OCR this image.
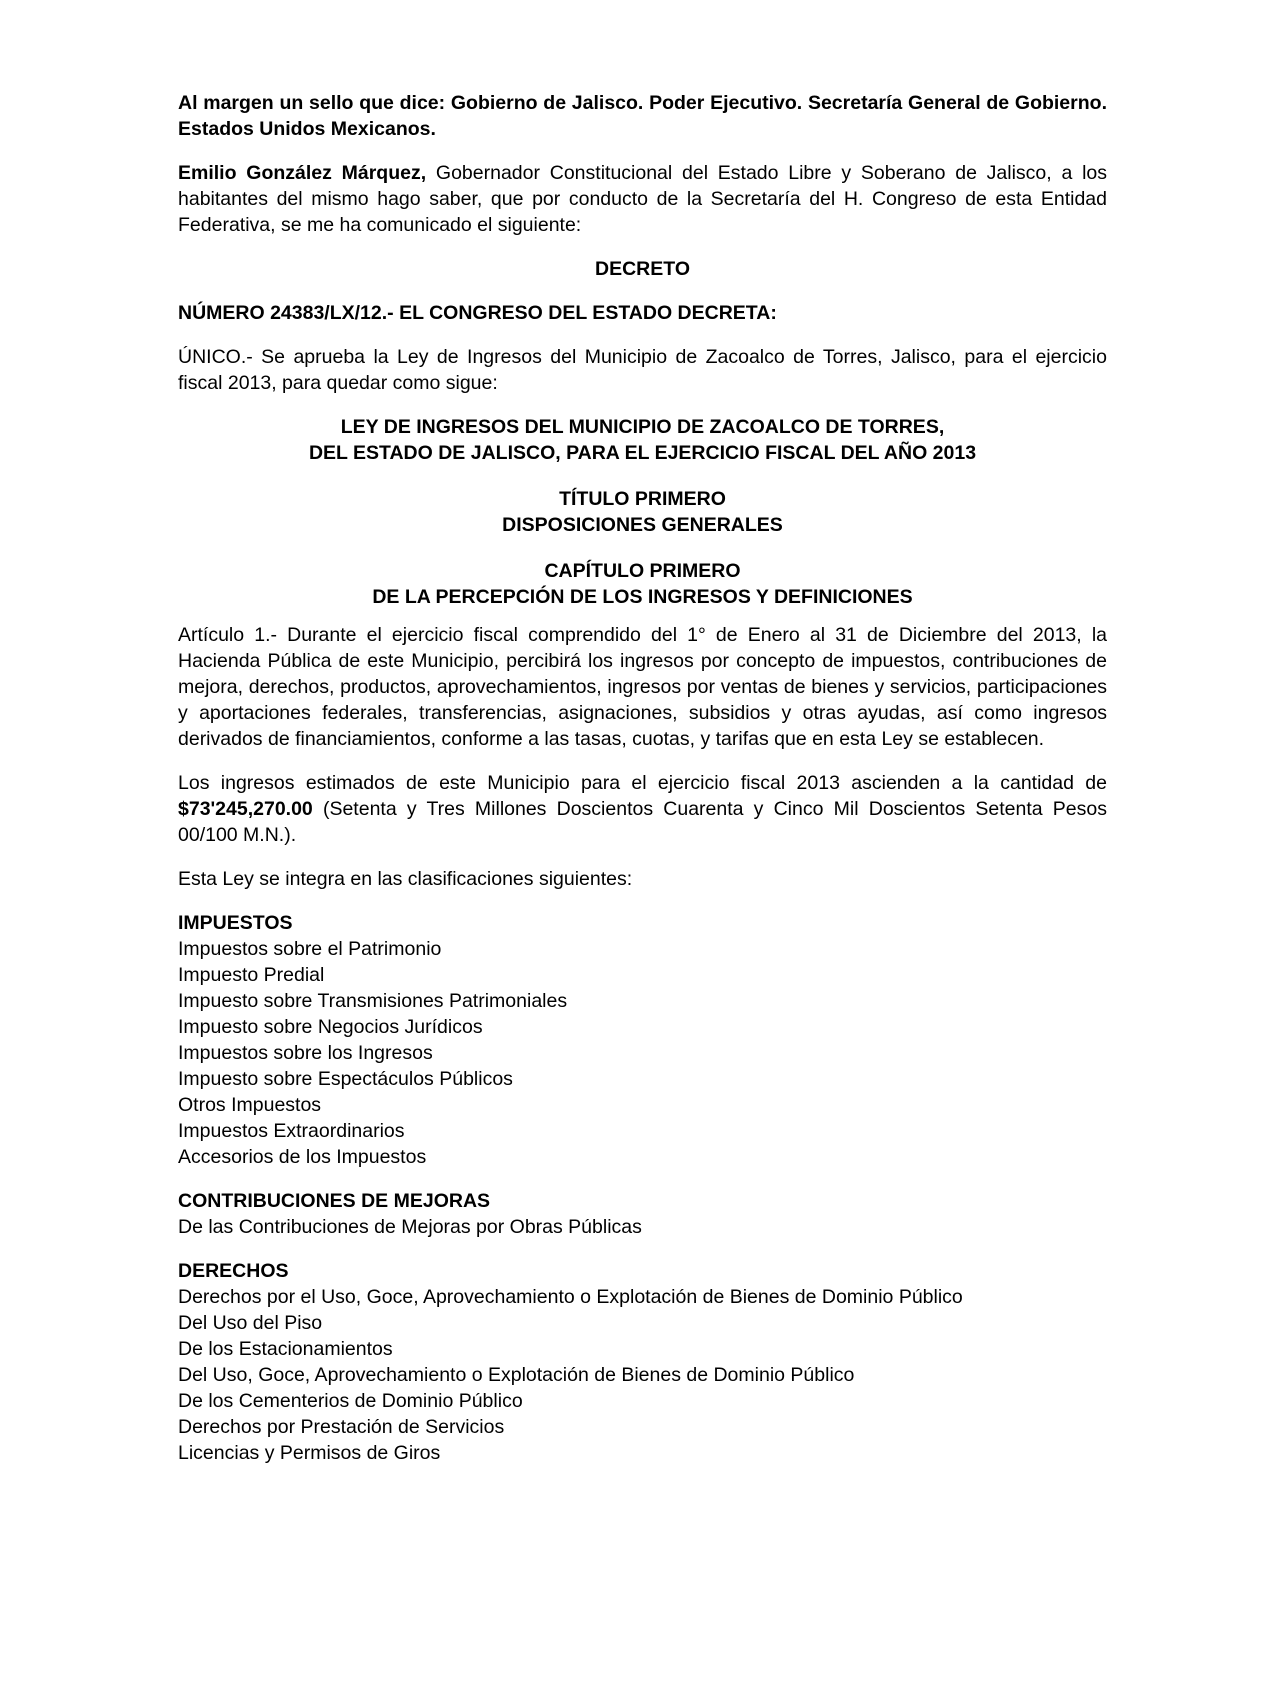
Al margen un sello que dice: Gobierno de Jalisco. Poder Ejecutivo. Secretaría General de Gobierno. Estados Unidos Mexicanos.

Emilio González Márquez, Gobernador Constitucional del Estado Libre y Soberano de Jalisco, a los habitantes del mismo hago saber, que por conducto de la Secretaría del H. Congreso de esta Entidad Federativa, se me ha comunicado el siguiente:

DECRETO

NÚMERO 24383/LX/12.- EL CONGRESO DEL ESTADO DECRETA:

ÚNICO.- Se aprueba la Ley de Ingresos del Municipio de Zacoalco de Torres, Jalisco, para el ejercicio fiscal 2013, para quedar como sigue:

LEY DE INGRESOS DEL MUNICIPIO DE ZACOALCO DE TORRES,
DEL ESTADO DE JALISCO, PARA EL EJERCICIO FISCAL DEL AÑO 2013
TÍTULO PRIMERO
DISPOSICIONES GENERALES
CAPÍTULO PRIMERO
DE LA PERCEPCIÓN DE LOS INGRESOS Y DEFINICIONES

Artículo 1.- Durante el ejercicio fiscal comprendido del 1° de Enero al 31 de Diciembre del 2013, la Hacienda Pública de este Municipio, percibirá los ingresos por concepto de impuestos, contribuciones de mejora, derechos, productos, aprovechamientos, ingresos por ventas de bienes y servicios, participaciones y aportaciones federales, transferencias, asignaciones, subsidios y otras ayudas, así como ingresos derivados de financiamientos, conforme a las tasas, cuotas, y tarifas que en esta Ley se establecen.

Los ingresos estimados de este Municipio para el ejercicio fiscal 2013 ascienden a la cantidad de $73'245,270.00 (Setenta y Tres Millones Doscientos Cuarenta y Cinco Mil Doscientos Setenta Pesos 00/100 M.N.).

Esta Ley se integra en las clasificaciones siguientes:

IMPUESTOS
Impuestos sobre el Patrimonio
Impuesto Predial
Impuesto sobre Transmisiones Patrimoniales
Impuesto sobre Negocios Jurídicos
Impuestos sobre los Ingresos
Impuesto sobre Espectáculos Públicos
Otros Impuestos
Impuestos Extraordinarios
Accesorios de los Impuestos
CONTRIBUCIONES DE MEJORAS
De las Contribuciones de Mejoras por Obras Públicas
DERECHOS
Derechos por el Uso, Goce, Aprovechamiento o Explotación de Bienes de Dominio Público
Del Uso del Piso
De los Estacionamientos
Del Uso, Goce, Aprovechamiento o Explotación de Bienes de Dominio Público
De los Cementerios de Dominio Público
Derechos por Prestación de Servicios
Licencias y Permisos de Giros
